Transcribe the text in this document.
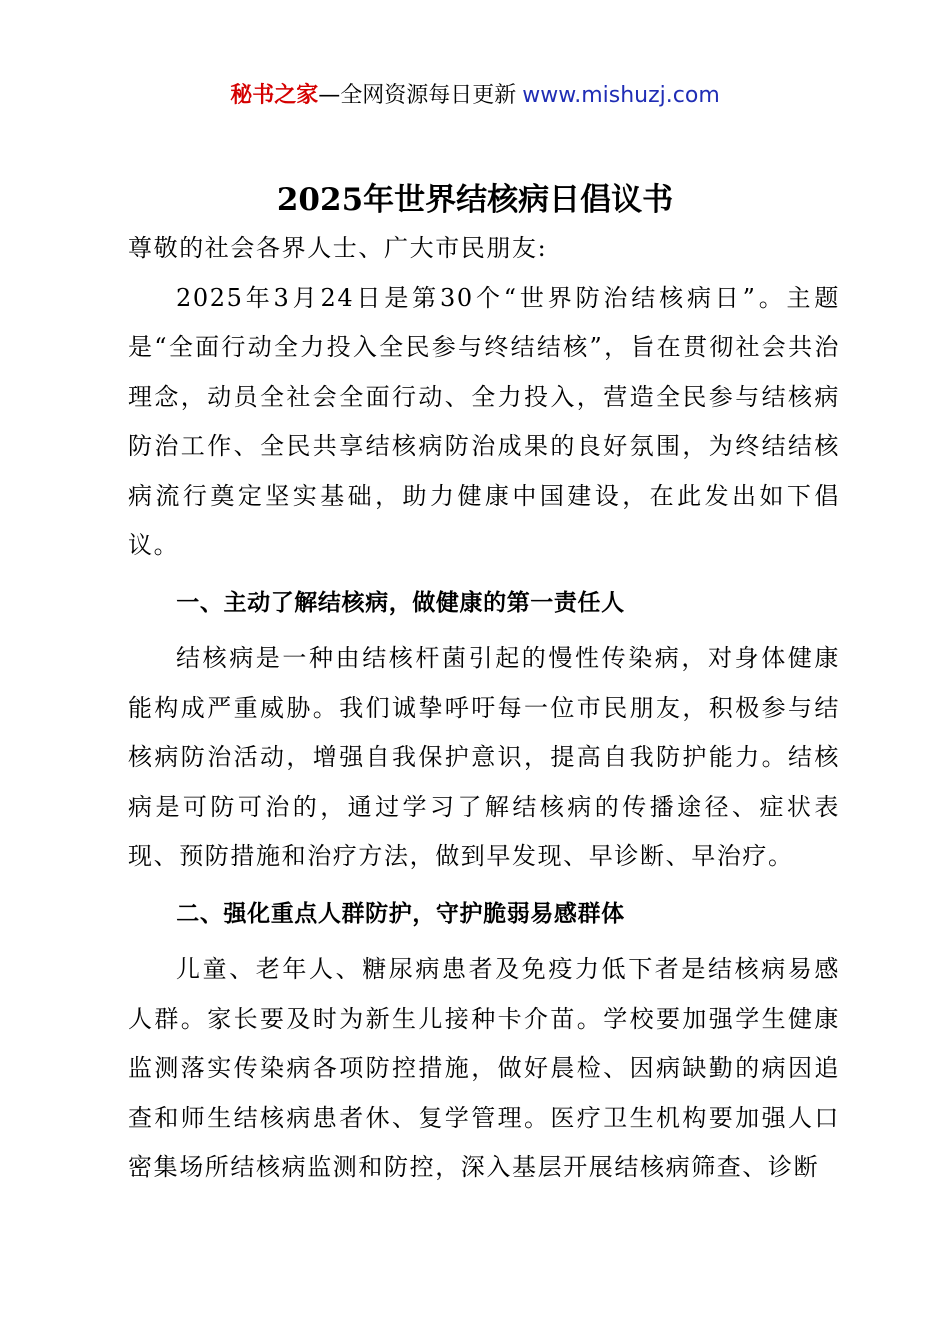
秘书之家—全网资源每日更新 www.mishuzj.com
2025年世界结核病日倡议书

尊敬的社会各界人士、广大市民朋友:

2025年3月24日是第30个“世界防治结核病日”。主题是“全面行动全力投入全民参与终结结核”，旨在贯彻社会共治理念，动员全社会全面行动、全力投入，营造全民参与结核病防治工作、全民共享结核病防治成果的良好氛围，为终结结核病流行奠定坚实基础，助力健康中国建设，在此发出如下倡议。

一、主动了解结核病，做健康的第一责任人

结核病是一种由结核杆菌引起的慢性传染病，对身体健康能构成严重威胁。我们诚挚呼吁每一位市民朋友，积极参与结核病防治活动，增强自我保护意识，提高自我防护能力。结核病是可防可治的，通过学习了解结核病的传播途径、症状表现、预防措施和治疗方法，做到早发现、早诊断、早治疗。

二、强化重点人群防护，守护脆弱易感群体

儿童、老年人、糖尿病患者及免疫力低下者是结核病易感人群。家长要及时为新生儿接种卡介苗。学校要加强学生健康监测落实传染病各项防控措施，做好晨检、因病缺勤的病因追查和师生结核病患者休、复学管理。医疗卫生机构要加强人口密集场所结核病监测和防控，深入基层开展结核病筛查、诊断
